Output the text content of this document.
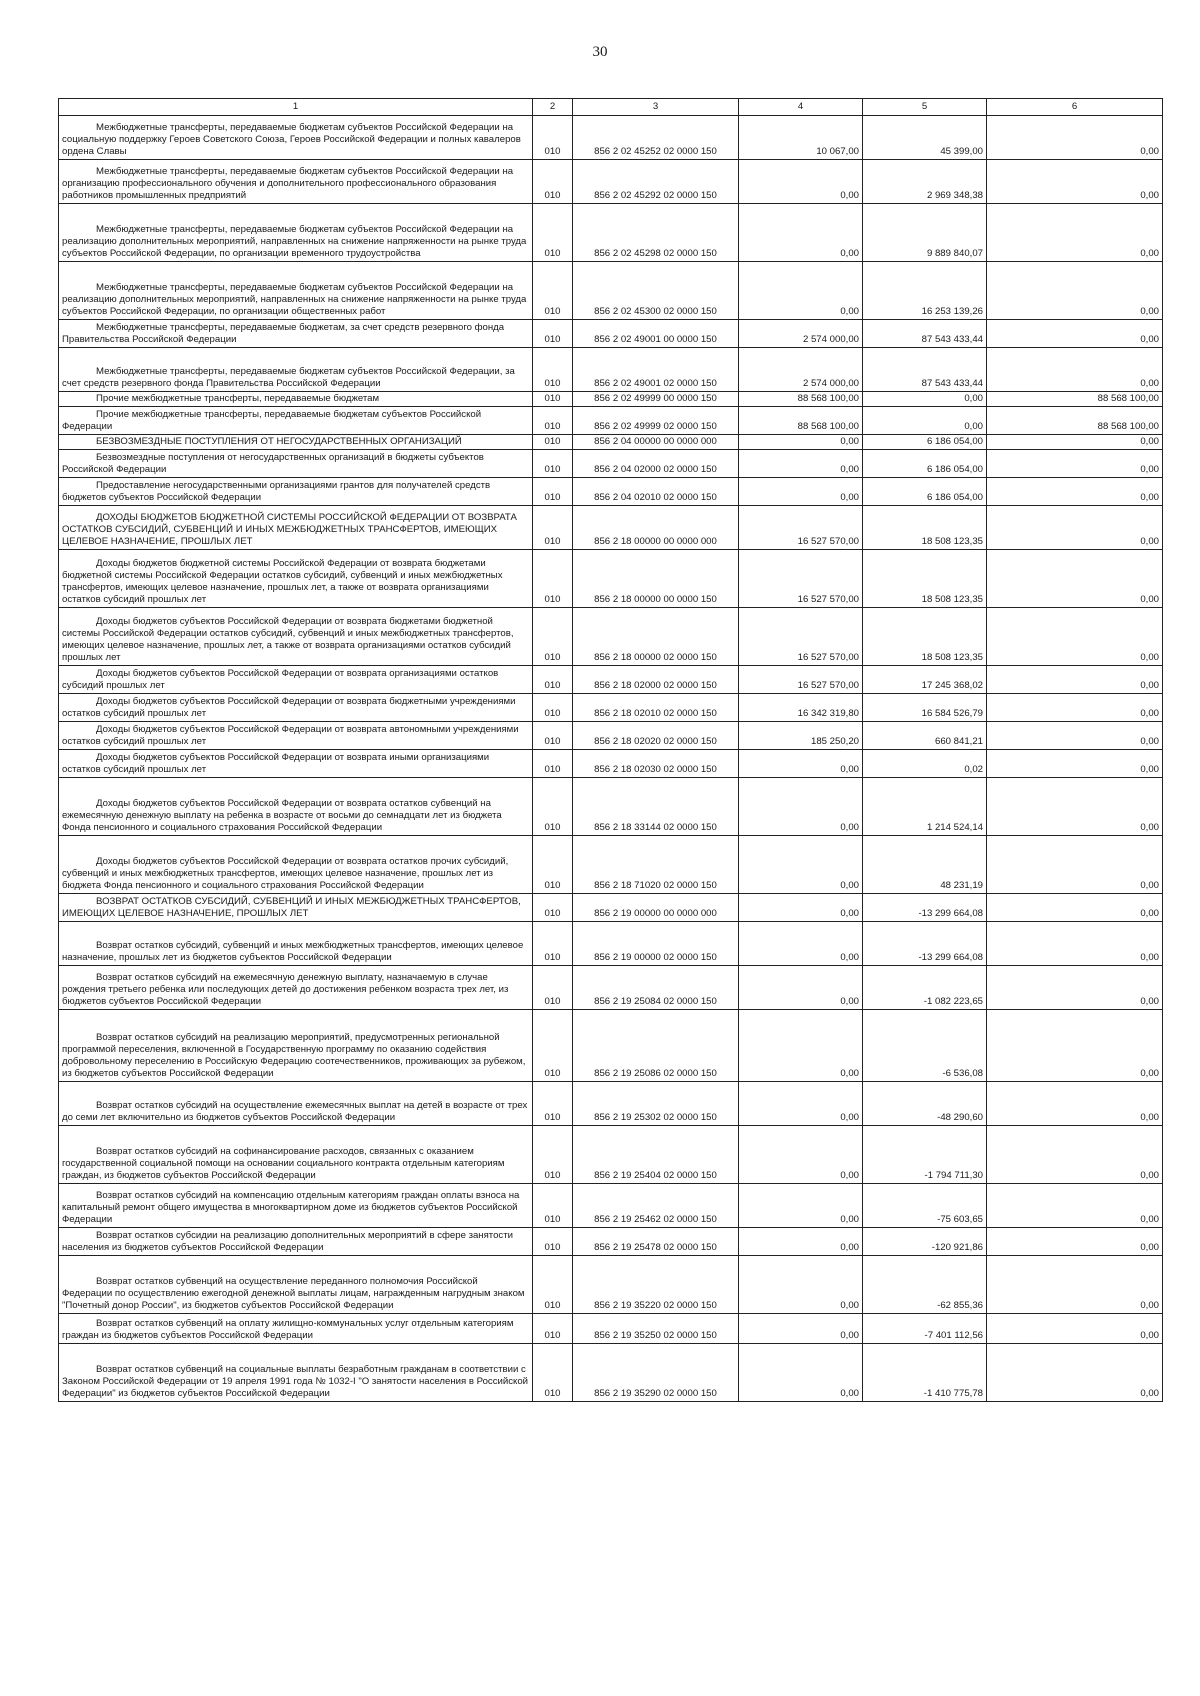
30
1	2	3	4	5	6
Межбюджетные трансферты, передаваемые бюджетам субъектов Российской Федерации на социальную поддержку Героев Советского Союза, Героев Российской Федерации и полных кавалеров ордена Славы	010	856 2 02 45252 02 0000 150	10 067,00	45 399,00	0,00
Межбюджетные трансферты, передаваемые бюджетам субъектов Российской Федерации на организацию профессионального обучения и дополнительного профессионального образования работников промышленных предприятий	010	856 2 02 45292 02 0000 150	0,00	2 969 348,38	0,00
Межбюджетные трансферты, передаваемые бюджетам субъектов Российской Федерации на реализацию дополнительных мероприятий, направленных на снижение напряженности на рынке труда субъектов Российской Федерации, по организации временного трудоустройства	010	856 2 02 45298 02 0000 150	0,00	9 889 840,07	0,00
Межбюджетные трансферты, передаваемые бюджетам субъектов Российской Федерации на реализацию дополнительных мероприятий, направленных на снижение напряженности на рынке труда субъектов Российской Федерации, по организации общественных работ	010	856 2 02 45300 02 0000 150	0,00	16 253 139,26	0,00
Межбюджетные трансферты, передаваемые бюджетам, за счет средств резервного фонда Правительства Российской Федерации	010	856 2 02 49001 00 0000 150	2 574 000,00	87 543 433,44	0,00
Межбюджетные трансферты, передаваемые бюджетам субъектов Российской Федерации, за счет средств резервного фонда Правительства Российской Федерации	010	856 2 02 49001 02 0000 150	2 574 000,00	87 543 433,44	0,00
Прочие межбюджетные трансферты, передаваемые бюджетам	010	856 2 02 49999 00 0000 150	88 568 100,00	0,00	88 568 100,00
Прочие межбюджетные трансферты, передаваемые бюджетам субъектов Российской Федерации	010	856 2 02 49999 02 0000 150	88 568 100,00	0,00	88 568 100,00
БЕЗВОЗМЕЗДНЫЕ ПОСТУПЛЕНИЯ ОТ НЕГОСУДАРСТВЕННЫХ ОРГАНИЗАЦИЙ	010	856 2 04 00000 00 0000 000	0,00	6 186 054,00	0,00
Безвозмездные поступления от негосударственных организаций в бюджеты субъектов Российской Федерации	010	856 2 04 02000 02 0000 150	0,00	6 186 054,00	0,00
Предоставление негосударственными организациями грантов для получателей средств бюджетов субъектов Российской Федерации	010	856 2 04 02010 02 0000 150	0,00	6 186 054,00	0,00
ДОХОДЫ БЮДЖЕТОВ БЮДЖЕТНОЙ СИСТЕМЫ РОССИЙСКОЙ ФЕДЕРАЦИИ ОТ ВОЗВРАТА ОСТАТКОВ СУБСИДИЙ, СУБВЕНЦИЙ И ИНЫХ МЕЖБЮДЖЕТНЫХ ТРАНСФЕРТОВ, ИМЕЮЩИХ ЦЕЛЕВОЕ НАЗНАЧЕНИЕ, ПРОШЛЫХ ЛЕТ	010	856 2 18 00000 00 0000 000	16 527 570,00	18 508 123,35	0,00
Доходы бюджетов бюджетной системы Российской Федерации от возврата бюджетами бюджетной системы Российской Федерации остатков субсидий, субвенций и иных межбюджетных трансфертов, имеющих целевое назначение, прошлых лет, а также от возврата организациями остатков субсидий прошлых лет	010	856 2 18 00000 00 0000 150	16 527 570,00	18 508 123,35	0,00
Доходы бюджетов субъектов Российской Федерации от возврата бюджетами бюджетной системы Российской Федерации остатков субсидий, субвенций и иных межбюджетных трансфертов, имеющих целевое назначение, прошлых лет, а также от возврата организациями остатков субсидий прошлых лет	010	856 2 18 00000 02 0000 150	16 527 570,00	18 508 123,35	0,00
Доходы бюджетов субъектов Российской Федерации от возврата организациями остатков субсидий прошлых лет	010	856 2 18 02000 02 0000 150	16 527 570,00	17 245 368,02	0,00
Доходы бюджетов субъектов Российской Федерации от возврата бюджетными учреждениями остатков субсидий прошлых лет	010	856 2 18 02010 02 0000 150	16 342 319,80	16 584 526,79	0,00
Доходы бюджетов субъектов Российской Федерации от возврата автономными учреждениями остатков субсидий прошлых лет	010	856 2 18 02020 02 0000 150	185 250,20	660 841,21	0,00
Доходы бюджетов субъектов Российской Федерации от возврата иными организациями остатков субсидий прошлых лет	010	856 2 18 02030 02 0000 150	0,00	0,02	0,00
Доходы бюджетов субъектов Российской Федерации от возврата остатков субвенций на ежемесячную денежную выплату на ребенка в возрасте от восьми до семнадцати лет из бюджета Фонда пенсионного и социального страхования Российской Федерации	010	856 2 18 33144 02 0000 150	0,00	1 214 524,14	0,00
Доходы бюджетов субъектов Российской Федерации от возврата остатков прочих субсидий, субвенций и иных межбюджетных трансфертов, имеющих целевое назначение, прошлых лет из бюджета Фонда пенсионного и социального страхования Российской Федерации	010	856 2 18 71020 02 0000 150	0,00	48 231,19	0,00
ВОЗВРАТ ОСТАТКОВ СУБСИДИЙ, СУБВЕНЦИЙ И ИНЫХ МЕЖБЮДЖЕТНЫХ ТРАНСФЕРТОВ, ИМЕЮЩИХ ЦЕЛЕВОЕ НАЗНАЧЕНИЕ, ПРОШЛЫХ ЛЕТ	010	856 2 19 00000 00 0000 000	0,00	-13 299 664,08	0,00
Возврат остатков субсидий, субвенций и иных межбюджетных трансфертов, имеющих целевое назначение, прошлых лет из бюджетов субъектов Российской Федерации	010	856 2 19 00000 02 0000 150	0,00	-13 299 664,08	0,00
Возврат остатков субсидий на ежемесячную денежную выплату, назначаемую в случае рождения третьего ребенка или последующих детей до достижения ребенком возраста трех лет, из бюджетов субъектов Российской Федерации	010	856 2 19 25084 02 0000 150	0,00	-1 082 223,65	0,00
Возврат остатков субсидий на реализацию мероприятий, предусмотренных региональной программой переселения, включенной в Государственную программу по оказанию содействия добровольному переселению в Российскую Федерацию соотечественников, проживающих за рубежом, из бюджетов субъектов Российской Федерации	010	856 2 19 25086 02 0000 150	0,00	-6 536,08	0,00
Возврат остатков субсидий на осуществление ежемесячных выплат на детей в возрасте от трех до семи лет включительно из бюджетов субъектов Российской Федерации	010	856 2 19 25302 02 0000 150	0,00	-48 290,60	0,00
Возврат остатков субсидий на софинансирование расходов, связанных с оказанием государственной социальной помощи на основании социального контракта отдельным категориям граждан, из бюджетов субъектов Российской Федерации	010	856 2 19 25404 02 0000 150	0,00	-1 794 711,30	0,00
Возврат остатков субсидий на компенсацию отдельным категориям граждан оплаты взноса на капитальный ремонт общего имущества в многоквартирном доме из бюджетов субъектов Российской Федерации	010	856 2 19 25462 02 0000 150	0,00	-75 603,65	0,00
Возврат остатков субсидии на реализацию дополнительных мероприятий в сфере занятости населения из бюджетов субъектов Российской Федерации	010	856 2 19 25478 02 0000 150	0,00	-120 921,86	0,00
Возврат остатков субвенций на осуществление переданного полномочия Российской Федерации по осуществлению ежегодной денежной выплаты лицам, награжденным нагрудным знаком "Почетный донор России", из бюджетов субъектов Российской Федерации	010	856 2 19 35220 02 0000 150	0,00	-62 855,36	0,00
Возврат остатков субвенций на оплату жилищно-коммунальных услуг отдельным категориям граждан из бюджетов субъектов Российской Федерации	010	856 2 19 35250 02 0000 150	0,00	-7 401 112,56	0,00
Возврат остатков субвенций на социальные выплаты безработным гражданам в соответствии с Законом Российской Федерации от 19 апреля 1991 года № 1032-I "О занятости населения в Российской Федерации" из бюджетов субъектов Российской Федерации	010	856 2 19 35290 02 0000 150	0,00	-1 410 775,78	0,00
